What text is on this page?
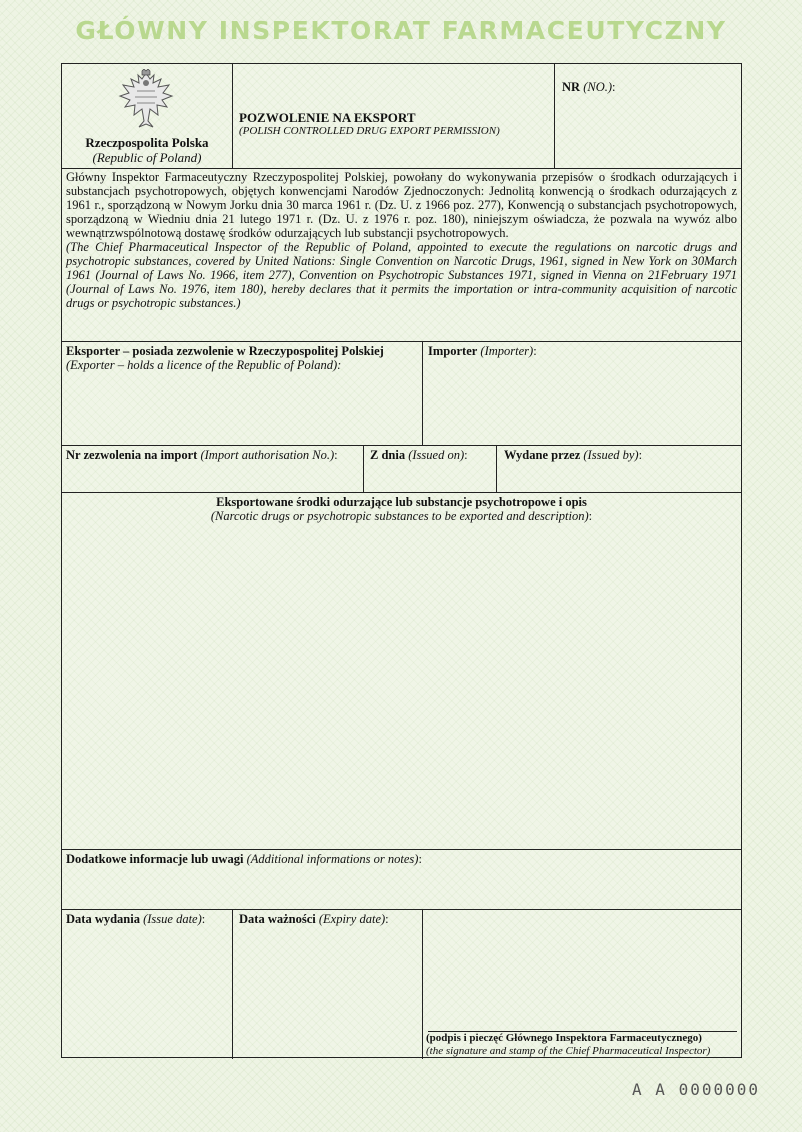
GŁÓWNY INSPEKTORAT FARMACEUTYCZNY
Rzeczpospolita Polska
(Republic of Poland)
POZWOLENIE NA EKSPORT
(POLISH CONTROLLED DRUG EXPORT PERMISSION)
NR (NO.):
Główny Inspektor Farmaceutyczny Rzeczypospolitej Polskiej, powołany do wykonywania przepisów o środkach odurzających i substancjach psychotropowych, objętych konwencjami Narodów Zjednoczonych: Jednolitą konwencją o środkach odurzających z 1961 r., sporządzoną w Nowym Jorku dnia 30 marca 1961 r. (Dz. U. z 1966 poz. 277), Konwencją o substancjach psychotropowych, sporządzoną w Wiedniu dnia 21 lutego 1971 r. (Dz. U. z 1976 r. poz. 180), niniejszym oświadcza, że pozwala na wywóz albo wewnątrzwspólnotową dostawę środków odurzających lub substancji psychotropowych.
(The Chief Pharmaceutical Inspector of the Republic of Poland, appointed to execute the regulations on narcotic drugs and psychotropic substances, covered by United Nations: Single Convention on Narcotic Drugs, 1961, signed in New York on 30March 1961 (Journal of Laws No. 1966, item 277), Convention on Psychotropic Substances 1971, signed in Vienna on 21February 1971 (Journal of Laws No. 1976, item 180), hereby declares that it permits the importation or intra-community acquisition of narcotic drugs or psychotropic substances.)
Eksporter – posiada zezwolenie w Rzeczypospolitej Polskiej
(Exporter – holds a licence of the Republic of Poland):
Importer (Importer):
Nr zezwolenia na import (Import authorisation No.):	Z dnia (Issued on):	Wydane przez (Issued by):
Eksportowane środki odurzające lub substancje psychotropowe i opis
(Narcotic drugs or psychotropic substances to be exported and description):
Dodatkowe informacje lub uwagi (Additional informations or notes):
Data wydania (Issue date):	Data ważności (Expiry date):
(podpis i pieczęć Głównego Inspektora Farmaceutycznego)
(the signature and stamp of the Chief Pharmaceutical Inspector)
A A 0000000
